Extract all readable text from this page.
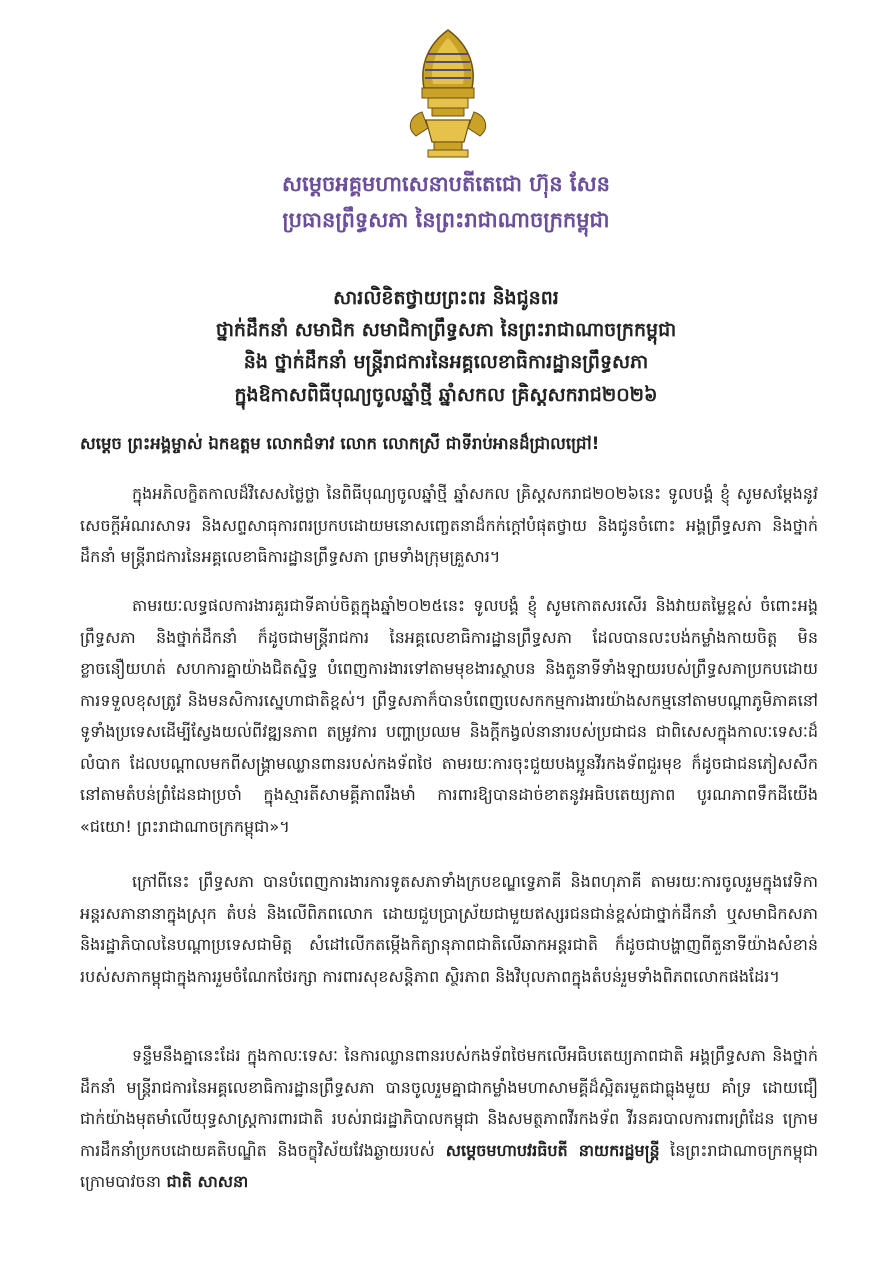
សម្តេចអគ្គមហាសេនាបតីតេជោ ហ៊ុន សែន
ប្រធានព្រឹទ្ធសភា នៃព្រះរាជាណាចក្រកម្ពុជា
សារលិខិតថ្វាយព្រះពរ និងជូនពរ
ថ្នាក់ដឹកនាំ សមាជិក សមាជិកាព្រឹទ្ធសភា នៃព្រះរាជាណាចក្រកម្ពុជា
និង ថ្នាក់ដឹកនាំ មន្ត្រីរាជការនៃអគ្គលេខាធិការដ្ឋានព្រឹទ្ធសភា
ក្នុងឱកាសពិធីបុណ្យចូលឆ្នាំថ្មី ឆ្នាំសកល គ្រិស្តសករាជ២០២៦
សម្តេច ព្រះអង្គម្ចាស់ ឯកឧត្តម លោកជំទាវ លោក លោកស្រី ជាទីរាប់អានដ៏ជ្រាលជ្រៅ!
ក្នុងអភិលក្ខិតកាលដ៏វិសេសថ្លៃថ្លា នៃពិធីបុណ្យចូលឆ្នាំថ្មី ឆ្នាំសកល គ្រិស្តសករាជ២០២៦នេះ ទូលបង្គំ ខ្ញុំ សូមសម្តែងនូវសេចក្តីអំណរសាទរ និងសព្ទសាធុការពរប្រកបដោយមនោសញ្ចេតនាដ៏កក់ក្តៅបំផុតថ្វាយ និងជូនចំពោះ អង្គព្រឹទ្ធសភា និងថ្នាក់ដឹកនាំ មន្ត្រីរាជការនៃអគ្គលេខាធិការដ្ឋានព្រឹទ្ធសភា ព្រមទាំងក្រុមគ្រួសារ។
តាមរយៈលទ្ធផលការងារគួរជាទីគាប់ចិត្តក្នុងឆ្នាំ២០២៥នេះ ទូលបង្គំ ខ្ញុំ សូមកោតសរសើរ និងវាយតម្លៃខ្ពស់ ចំពោះអង្គព្រឹទ្ធសភា និងថ្នាក់ដឹកនាំ ក៏ដូចជាមន្ត្រីរាជការ នៃអគ្គលេខាធិការដ្ឋានព្រឹទ្ធសភា ដែលបានលះបង់កម្លាំងកាយចិត្ត មិនខ្លាចនឿយហត់ សហការគ្នាយ៉ាងជិតស្និទ្ធ បំពេញការងារទៅតាមមុខងារស្ថាបន និងតួនាទីទាំងឡាយរបស់ព្រឹទ្ធសភាប្រកបដោយការទទួលខុសត្រូវ និងមនសិការស្នេហាជាតិខ្ពស់។ ព្រឹទ្ធសភាក៏បានបំពេញបេសកកម្មការងារយ៉ាងសកម្មនៅតាមបណ្តាភូមិភាគនៅទូទាំងប្រទេសដើម្បីស្វែងយល់ពីវឌ្ឍនភាព តម្រូវការ បញ្ហាប្រឈម និងក្តីកង្វល់នានារបស់ប្រជាជន ជាពិសេសក្នុងកាលៈទេសៈដ៏លំបាក ដែលបណ្តាលមកពីសង្គ្រាមឈ្លានពានរបស់កងទ័ពថៃ តាមរយៈការចុះជួយបងប្អូនវីរកងទ័ពជួរមុខ ក៏ដូចជាជនភៀសសឹក នៅតាមតំបន់ព្រំដែនជាប្រចាំ ក្នុងស្មារតីសាមគ្គីភាពរឹងមាំ ការពារឱ្យបានដាច់ខាតនូវអធិបតេយ្យភាព បូរណភាពទឹកដីយើង «ជយោ! ព្រះរាជាណាចក្រកម្ពុជា»។
ក្រៅពីនេះ ព្រឹទ្ធសភា បានបំពេញការងារការទូតសភាទាំងក្របខណ្ឌទ្វេភាគី និងពហុភាគី តាមរយៈការចូលរួមក្នុងវេទិកាអន្តរសភានានាក្នុងស្រុក តំបន់ និងលើពិភពលោក ដោយជួបប្រាស្រ័យជាមួយឥស្សរជនជាន់ខ្ពស់ជាថ្នាក់ដឹកនាំ ឬសមាជិកសភា និងរដ្ឋាភិបាលនៃបណ្តាប្រទេសជាមិត្ត សំដៅលើកតម្កើងកិត្យានុភាពជាតិលើឆាកអន្តរជាតិ ក៏ដូចជាបង្ហាញពីតួនាទីយ៉ាងសំខាន់របស់សភាកម្ពុជាក្នុងការរួមចំណែកថែរក្សា ការពារសុខសន្តិភាព ស្ថិរភាព និងវិបុលភាពក្នុងតំបន់រួមទាំងពិភពលោកផងដែរ។
ទន្ទឹមនឹងគ្នានេះដែរ ក្នុងកាលៈទេសៈ នៃការឈ្លានពានរបស់កងទ័ពថៃមកលើអធិបតេយ្យភាពជាតិ អង្គព្រឹទ្ធសភា និងថ្នាក់ដឹកនាំ មន្ត្រីរាជការនៃអគ្គលេខាធិការដ្ឋានព្រឹទ្ធសភា បានចូលរួមគ្នាជាកម្លាំងមហាសាមគ្គីដ៏ស្អិតរមួតជាធ្លុងមួយ គាំទ្រ ដោយជឿជាក់យ៉ាងមុតមាំលើយុទ្ធសាស្ត្រការពារជាតិ របស់រាជរដ្ឋាភិបាលកម្ពុជា និងសមត្ថភាពវីរកងទ័ព វីរនគរបាលការពារព្រំដែន ក្រោមការដឹកនាំប្រកបដោយគតិបណ្ឌិត និងចក្ខុវិស័យវែងឆ្ងាយរបស់ សម្តេចមហាបវរធិបតី នាយករដ្ឋមន្ត្រី នៃព្រះរាជាណាចក្រកម្ពុជា ក្រោមបាវចនា ជាតិ សាសនា
